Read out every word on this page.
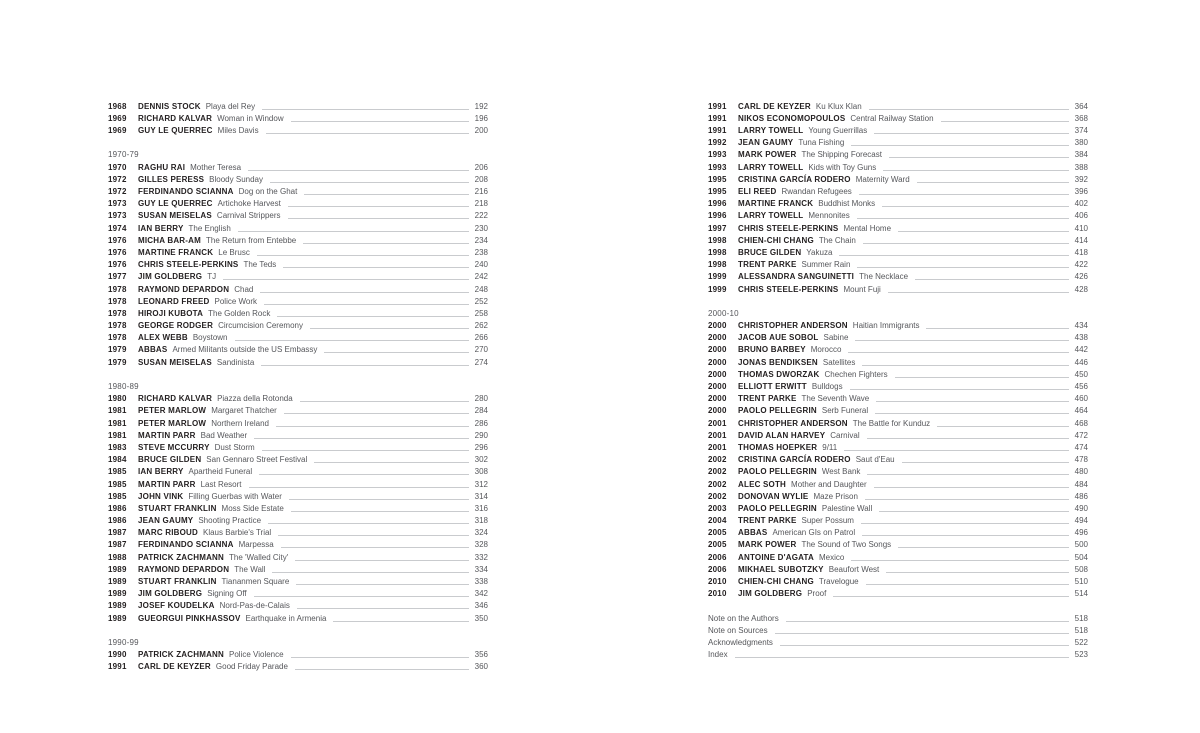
1968	DENNIS STOCK Playa del Rey	192
1969	RICHARD KALVAR Woman in Window	196
1969	GUY LE QUERREC Miles Davis	200
1970-79
1970	RAGHU RAI Mother Teresa	206
1972	GILLES PERESS Bloody Sunday	208
1972	FERDINANDO SCIANNA Dog on the Ghat	216
1973	GUY LE QUERREC Artichoke Harvest	218
1973	SUSAN MEISELAS Carnival Strippers	222
1974	IAN BERRY The English	230
1976	MICHA BAR-AM The Return from Entebbe	234
1976	MARTINE FRANCK Le Brusc	238
1976	CHRIS STEELE-PERKINS The Teds	240
1977	JIM GOLDBERG TJ	242
1978	RAYMOND DEPARDON Chad	248
1978	LEONARD FREED Police Work	252
1978	HIROJI KUBOTA The Golden Rock	258
1978	GEORGE RODGER Circumcision Ceremony	262
1978	ALEX WEBB Boystown	266
1979	ABBAS Armed Militants outside the US Embassy	270
1979	SUSAN MEISELAS Sandinista	274
1980-89
1980	RICHARD KALVAR Piazza della Rotonda	280
1981	PETER MARLOW Margaret Thatcher	284
1981	PETER MARLOW Northern Ireland	286
1981	MARTIN PARR Bad Weather	290
1983	STEVE MCCURRY Dust Storm	296
1984	BRUCE GILDEN San Gennaro Street Festival	302
1985	IAN BERRY Apartheid Funeral	308
1985	MARTIN PARR Last Resort	312
1985	JOHN VINK Filling Guerbas with Water	314
1986	STUART FRANKLIN Moss Side Estate	316
1986	JEAN GAUMY Shooting Practice	318
1987	MARC RIBOUD Klaus Barbie's Trial	324
1987	FERDINANDO SCIANNA Marpessa	328
1988	PATRICK ZACHMANN The 'Walled City'	332
1989	RAYMOND DEPARDON The Wall	334
1989	STUART FRANKLIN Tiananmen Square	338
1989	JIM GOLDBERG Signing Off	342
1989	JOSEF KOUDELKA Nord-Pas-de-Calais	346
1989	GUEORGUI PINKHASSOV Earthquake in Armenia	350
1990-99
1990	PATRICK ZACHMANN Police Violence	356
1991	CARL DE KEYZER Good Friday Parade	360
1991	CARL DE KEYZER Ku Klux Klan	364
1991	NIKOS ECONOMOPOULOS Central Railway Station	368
1991	LARRY TOWELL Young Guerrillas	374
1992	JEAN GAUMY Tuna Fishing	380
1993	MARK POWER The Shipping Forecast	384
1993	LARRY TOWELL Kids with Toy Guns	388
1995	CRISTINA GARCÍA RODERO Maternity Ward	392
1995	ELI REED Rwandan Refugees	396
1996	MARTINE FRANCK Buddhist Monks	402
1996	LARRY TOWELL Mennonites	406
1997	CHRIS STEELE-PERKINS Mental Home	410
1998	CHIEN-CHI CHANG The Chain	414
1998	BRUCE GILDEN Yakuza	418
1998	TRENT PARKE Summer Rain	422
1999	ALESSANDRA SANGUINETTI The Necklace	426
1999	CHRIS STEELE-PERKINS Mount Fuji	428
2000-10
2000	CHRISTOPHER ANDERSON Haitian Immigrants	434
2000	JACOB AUE SOBOL Sabine	438
2000	BRUNO BARBEY Morocco	442
2000	JONAS BENDIKSEN Satellites	446
2000	THOMAS DWORZAK Chechen Fighters	450
2000	ELLIOTT ERWITT Bulldogs	456
2000	TRENT PARKE The Seventh Wave	460
2000	PAOLO PELLEGRIN Serb Funeral	464
2001	CHRISTOPHER ANDERSON The Battle for Kunduz	468
2001	DAVID ALAN HARVEY Carnival	472
2001	THOMAS HOEPKER 9/11	474
2002	CRISTINA GARCÍA RODERO Saut d'Eau	478
2002	PAOLO PELLEGRIN West Bank	480
2002	ALEC SOTH Mother and Daughter	484
2002	DONOVAN WYLIE Maze Prison	486
2003	PAOLO PELLEGRIN Palestine Wall	490
2004	TRENT PARKE Super Possum	494
2005	ABBAS American GIs on Patrol	496
2005	MARK POWER The Sound of Two Songs	500
2006	ANTOINE D'AGATA Mexico	504
2006	MIKHAEL SUBOTZKY Beaufort West	508
2010	CHIEN-CHI CHANG Travelogue	510
2010	JIM GOLDBERG Proof	514
Note on the Authors	518
Note on Sources	518
Acknowledgments	522
Index	523
